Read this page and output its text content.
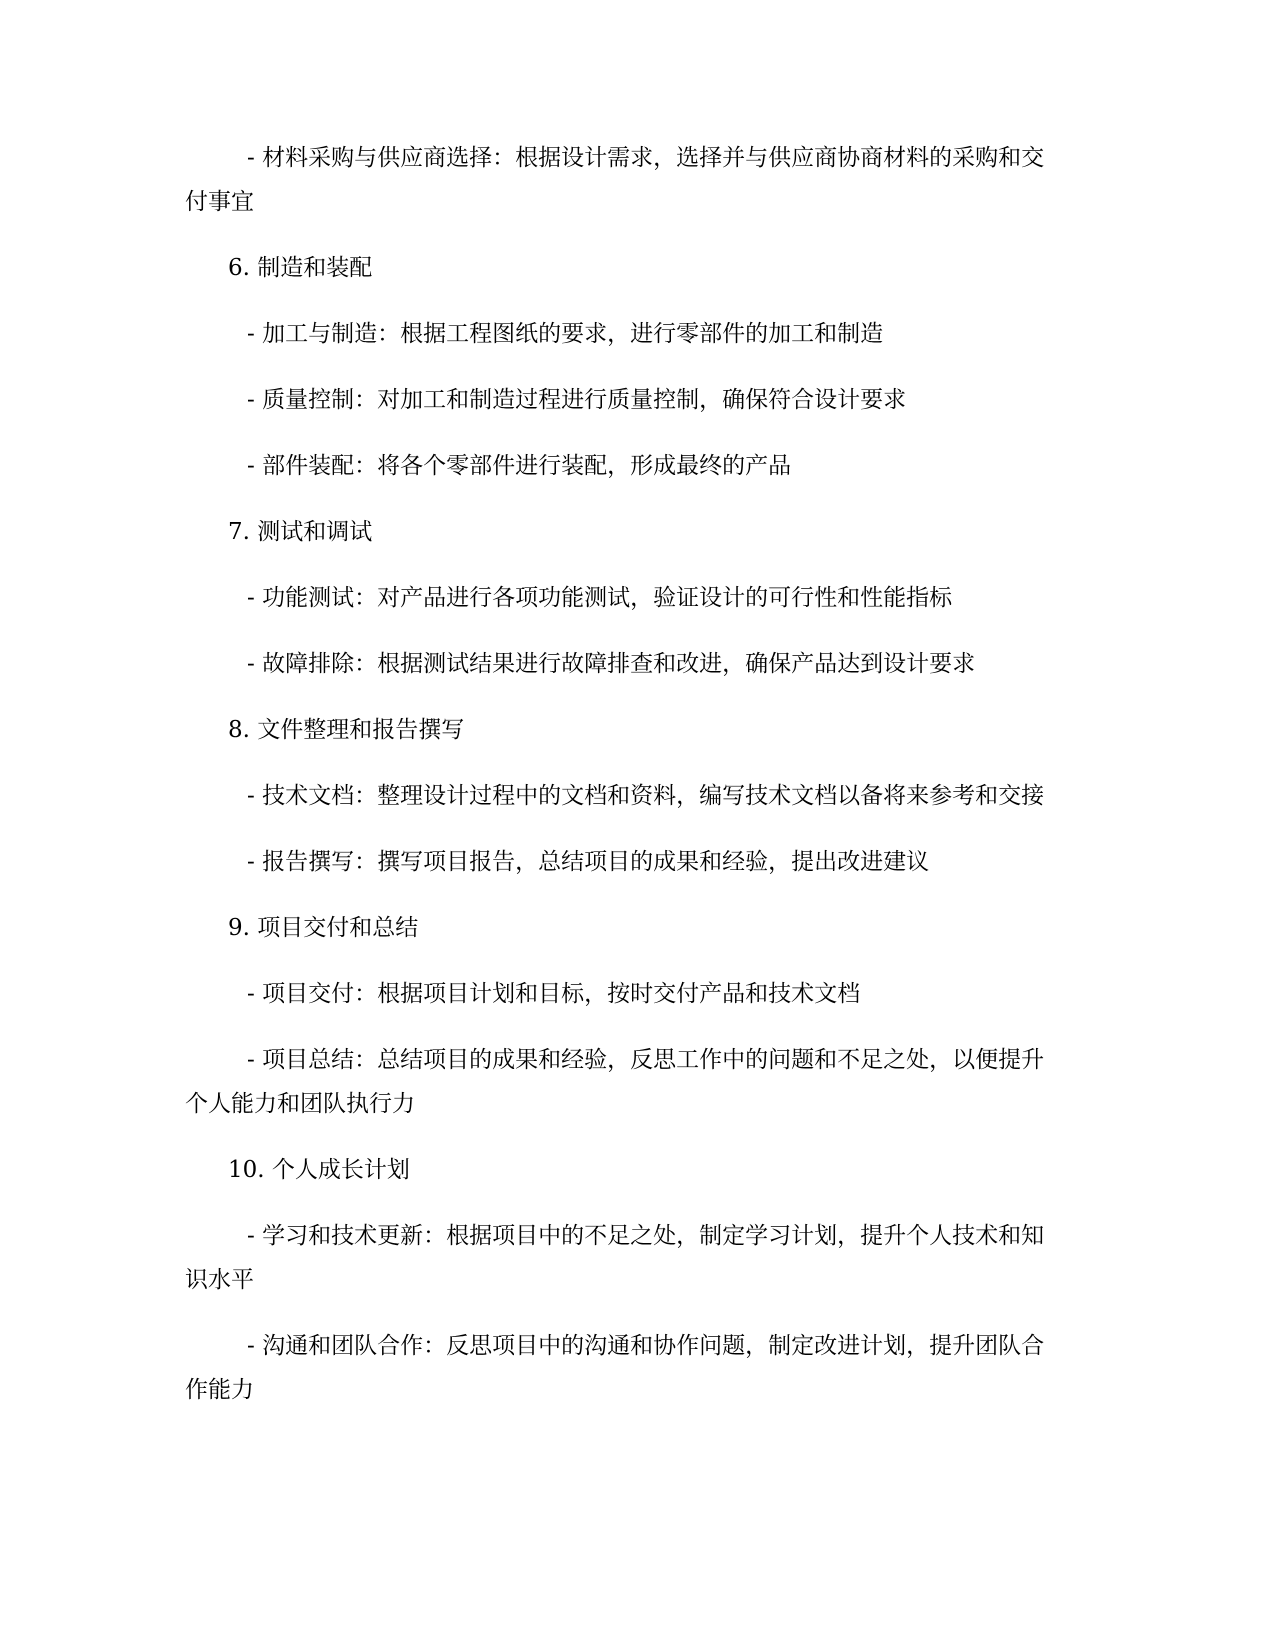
- 材料采购与供应商选择：根据设计需求，选择并与供应商协商材料的采购和交付事宜

6. 制造和装配

- 加工与制造：根据工程图纸的要求，进行零部件的加工和制造

- 质量控制：对加工和制造过程进行质量控制，确保符合设计要求

- 部件装配：将各个零部件进行装配，形成最终的产品

7. 测试和调试

- 功能测试：对产品进行各项功能测试，验证设计的可行性和性能指标

- 故障排除：根据测试结果进行故障排查和改进，确保产品达到设计要求

8. 文件整理和报告撰写

- 技术文档：整理设计过程中的文档和资料，编写技术文档以备将来参考和交接

- 报告撰写：撰写项目报告，总结项目的成果和经验，提出改进建议

9. 项目交付和总结

- 项目交付：根据项目计划和目标，按时交付产品和技术文档

- 项目总结：总结项目的成果和经验，反思工作中的问题和不足之处，以便提升个人能力和团队执行力

10. 个人成长计划

- 学习和技术更新：根据项目中的不足之处，制定学习计划，提升个人技术和知识水平

- 沟通和团队合作：反思项目中的沟通和协作问题，制定改进计划，提升团队合作能力
